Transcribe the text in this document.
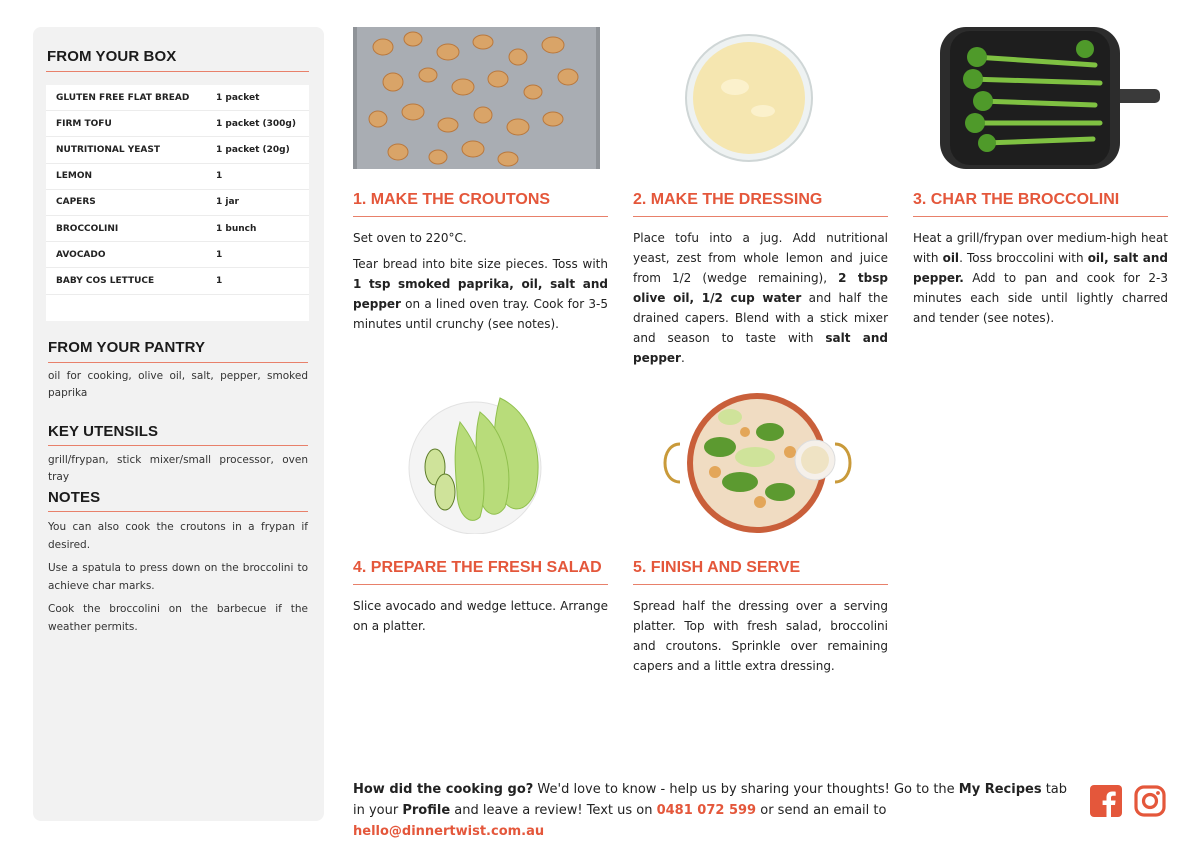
FROM YOUR BOX
GLUTEN FREE FLAT BREAD	1 packet
FIRM TOFU	1 packet (300g)
NUTRITIONAL YEAST	1 packet (20g)
LEMON	1
CAPERS	1 jar
BROCCOLINI	1 bunch
AVOCADO	1
BABY COS LETTUCE	1
FROM YOUR PANTRY
oil for cooking, olive oil, salt, pepper, smoked paprika
KEY UTENSILS
grill/frypan, stick mixer/small processor, oven tray
NOTES

You can also cook the croutons in a frypan if desired.

Use a spatula to press down on the broccolini to achieve char marks.

Cook the broccolini on the barbecue if the weather permits.

1. MAKE THE CROUTONS

Set oven to 220°C.

Tear bread into bite size pieces. Toss with 1 tsp smoked paprika, oil, salt and pepper on a lined oven tray. Cook for 3-5 minutes until crunchy (see notes).

2. MAKE THE DRESSING

Place tofu into a jug. Add nutritional yeast, zest from whole lemon and juice from 1/2 (wedge remaining), 2 tbsp olive oil, 1/2 cup water and half the drained capers. Blend with a stick mixer and season to taste with salt and pepper.

3. CHAR THE BROCCOLINI

Heat a grill/frypan over medium-high heat with oil. Toss broccolini with oil, salt and pepper. Add to pan and cook for 2-3 minutes each side until lightly charred and tender (see notes).

4. PREPARE THE FRESH SALAD

Slice avocado and wedge lettuce. Arrange on a platter.

5. FINISH AND SERVE

Spread half the dressing over a serving platter. Top with fresh salad, broccolini and croutons. Sprinkle over remaining capers and a little extra dressing.

How did the cooking go? We'd love to know - help us by sharing your thoughts! Go to the My Recipes tab in your Profile and leave a review! Text us on 0481 072 599 or send an email to hello@dinnertwist.com.au
